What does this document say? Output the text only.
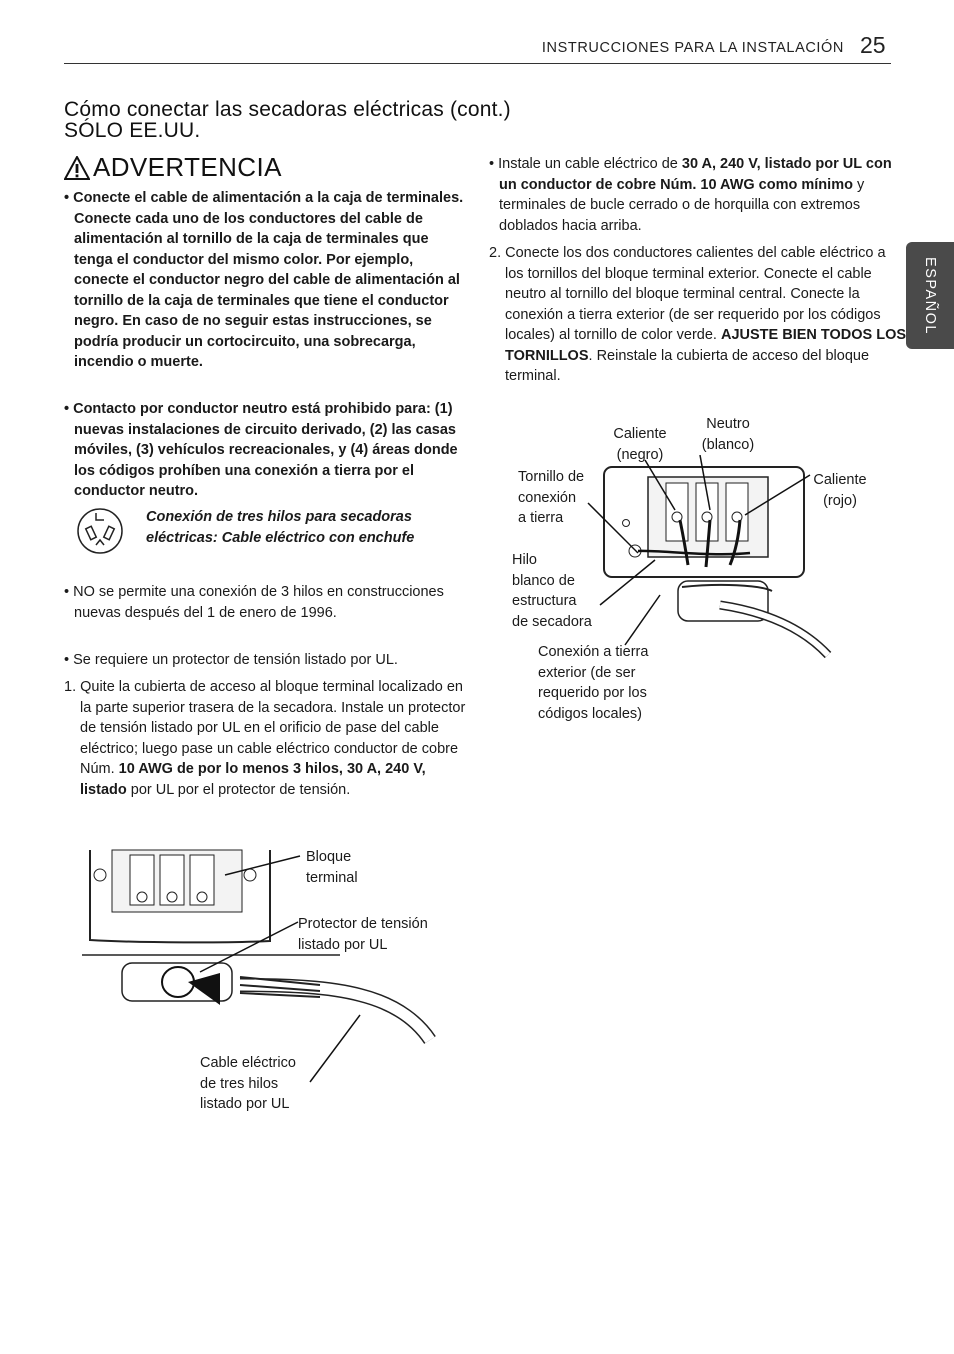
INSTRUCCIONES PARA LA INSTALACIÓN 25
ESPAÑOL
Cómo conectar las secadoras eléctricas (cont.)
SÓLO EE.UU.
ADVERTENCIA
• Conecte el cable de alimentación a la caja de terminales. Conecte cada uno de los conductores del cable de alimentación al tornillo de la caja de terminales que tenga el conductor del mismo color. Por ejemplo, conecte el conductor negro del cable de alimentación al tornillo de la caja de terminales que tiene el conductor negro. En caso de no seguir estas instrucciones, se podría producir un cortocircuito, una sobrecarga, incendio o muerte.
• Contacto por conductor neutro está prohibido para: (1) nuevas instalaciones de circuito derivado, (2) las casas móviles, (3) vehículos recreacionales, y (4) áreas donde los códigos prohíben una conexión a tierra por el conductor neutro.
Conexión de tres hilos para secadoras eléctricas: Cable eléctrico con enchufe
• NO se permite una conexión de 3 hilos en construcciones nuevas después del 1 de enero de 1996.
• Se requiere un protector de tensión listado por UL.
1. Quite la cubierta de acceso al bloque terminal localizado en la parte superior trasera de la secadora. Instale un protector de tensión listado por UL en el orificio de pase del cable eléctrico; luego pase un cable eléctrico conductor de cobre Núm. 10 AWG de por lo menos 3 hilos, 30 A, 240 V, listado por UL por el protector de tensión.
• Instale un cable eléctrico de 30 A, 240 V, listado por UL con un conductor de cobre Núm. 10 AWG como mínimo y terminales de bucle cerrado o de horquilla con extremos doblados hacia arriba.
2. Conecte los dos conductores calientes del cable eléctrico a los tornillos del bloque terminal exterior. Conecte el cable neutro al tornillo del bloque terminal central. Conecte la conexión a tierra exterior (de ser requerido por los códigos locales) al tornillo de color verde. AJUSTE BIEN TODOS LOS TORNILLOS. Reinstale la cubierta de acceso del bloque terminal.
Caliente
(negro)
Neutro
(blanco)
Caliente
(rojo)
Tornillo de
conexión
a tierra
Hilo
blanco de
estructura
de secadora
Conexión a tierra
exterior (de ser
requerido por los
códigos locales)
Bloque
terminal
Protector de tensión
listado por UL
Cable eléctrico
de tres hilos
listado por UL
